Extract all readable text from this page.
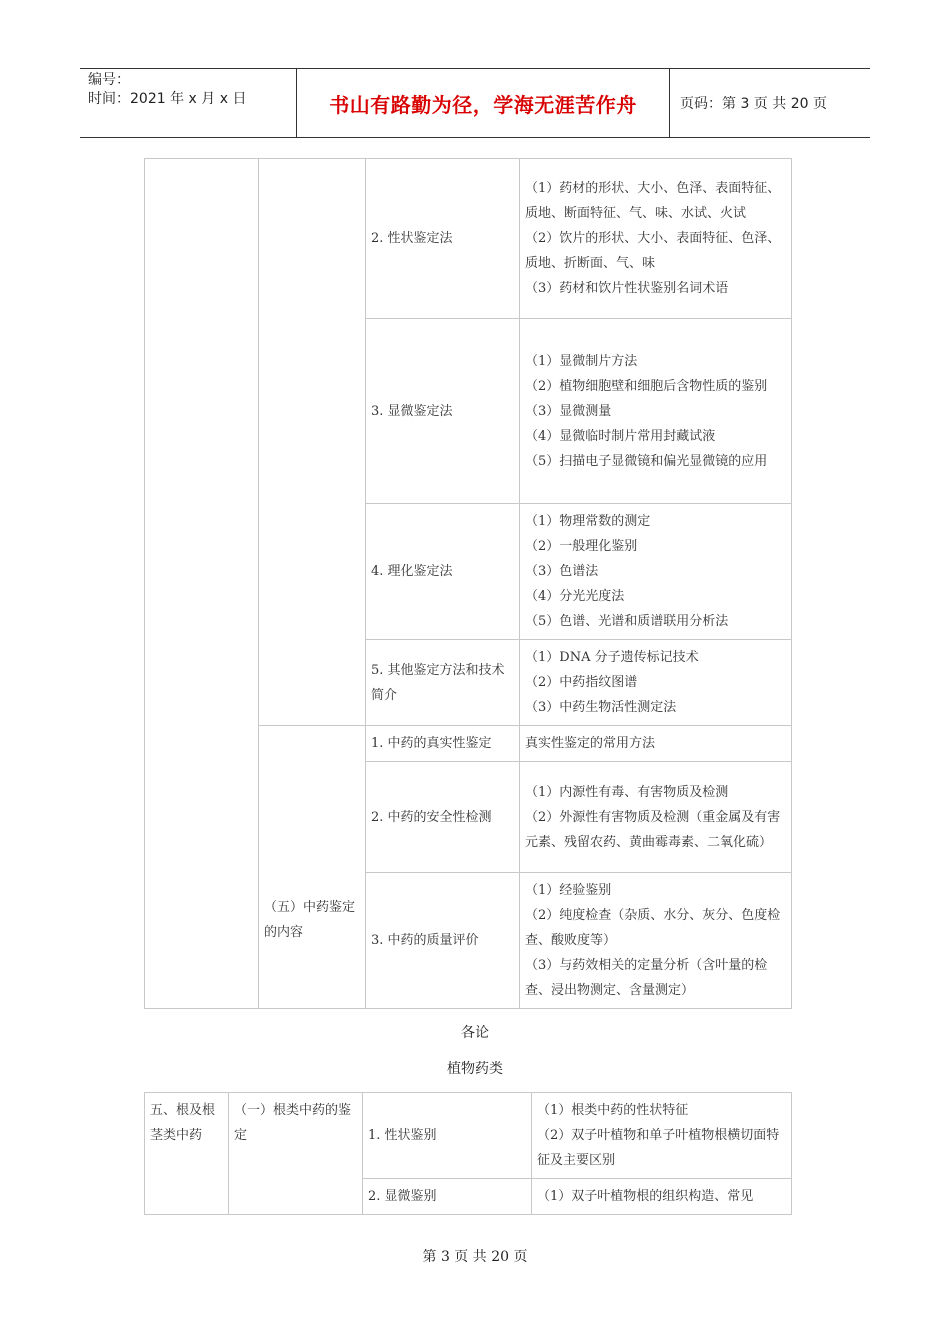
编号：
时间：2021 年 x 月 x 日	书山有路勤为径，学海无涯苦作舟	页码：第 3 页 共 20 页
		2. 性状鉴定法	（1）药材的形状、大小、色泽、表面特征、质地、断面特征、气、味、水试、火试
（2）饮片的形状、大小、表面特征、色泽、质地、折断面、气、味
（3）药材和饮片性状鉴别名词术语

		3. 显微鉴定法	（1）显微制片方法
（2）植物细胞壁和细胞后含物性质的鉴别
（3）显微测量
（4）显微临时制片常用封藏试液
（5）扫描电子显微镜和偏光显微镜的应用

		4. 理化鉴定法	（1）物理常数的测定
（2）一般理化鉴别
（3）色谱法
（4）分光光度法
（5）色谱、光谱和质谱联用分析法

		5. 其他鉴定方法和技术简介	（1）DNA 分子遗传标记技术
（2）中药指纹图谱
（3）中药生物活性测定法

	（五）中药鉴定的内容	1. 中药的真实性鉴定	真实性鉴定的常用方法
		2. 中药的安全性检测	（1）内源性有毒、有害物质及检测
（2）外源性有害物质及检测（重金属及有害元素、残留农药、黄曲霉毒素、二氧化硫）

		3. 中药的质量评价	（1）经验鉴别
（2）纯度检查（杂质、水分、灰分、色度检查、酸败度等）
（3）与药效相关的定量分析（含叶量的检查、浸出物测定、含量测定）
各论
植物药类
五、根及根茎类中药	（一）根类中药的鉴定	1. 性状鉴别	（1）根类中药的性状特征
（2）双子叶植物和单子叶植物根横切面特征及主要区别

		2. 显微鉴别	（1）双子叶植物根的组织构造、常见
第 3 页 共 20 页
